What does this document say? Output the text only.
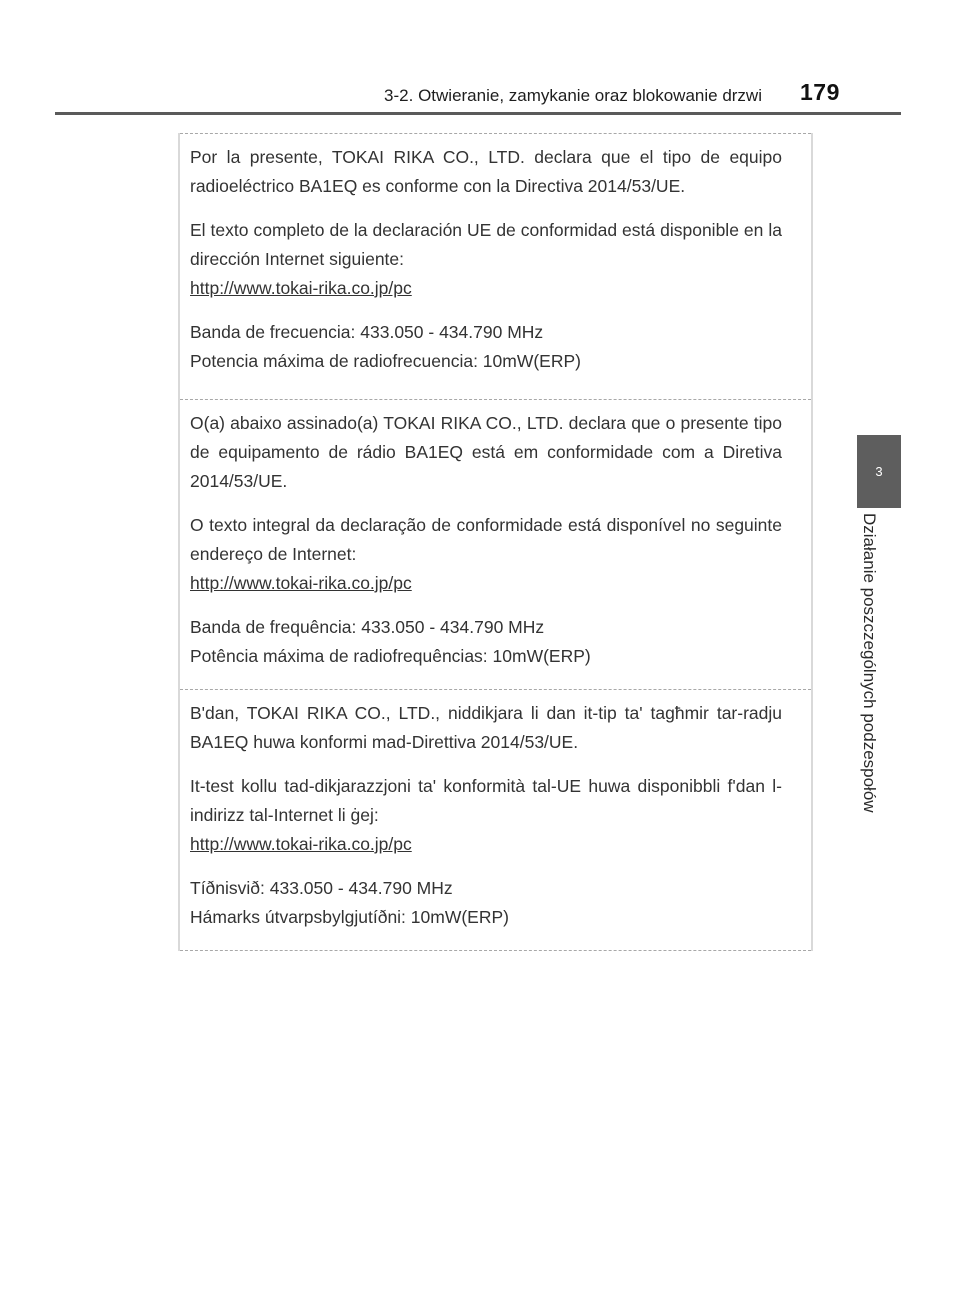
3-2. Otwieranie, zamykanie oraz blokowanie drzwi 179
3
Działanie poszczególnych podzespołów

Por la presente, TOKAI RIKA CO., LTD. declara que el tipo de equipo radioeléctrico BA1EQ es conforme con la Directiva 2014/53/UE.

El texto completo de la declaración UE de conformidad está disponible en la dirección Internet siguiente:

http://www.tokai-rika.co.jp/pc
Banda de frecuencia: 433.050 - 434.790 MHz
Potencia máxima de radiofrecuencia: 10mW(ERP)

O(a) abaixo assinado(a) TOKAI RIKA CO., LTD. declara que o presente tipo de equipamento de rádio BA1EQ está em conformidade com a Diretiva 2014/53/UE.

O texto integral da declaração de conformidade está disponível no seguinte endereço de Internet:

http://www.tokai-rika.co.jp/pc
Banda de frequência: 433.050 - 434.790 MHz
Potência máxima de radiofrequências: 10mW(ERP)

B'dan, TOKAI RIKA CO., LTD., niddikjara li dan it-tip ta' tagħmir tar-radju BA1EQ huwa konformi mad-Direttiva 2014/53/UE.

It-test kollu tad-dikjarazzjoni ta' konformità tal-UE huwa disponibbli f'dan l-indirizz tal-Internet li ġej:

http://www.tokai-rika.co.jp/pc
Tíðnisvið: 433.050 - 434.790 MHz
Hámarks útvarpsbylgjutíðni: 10mW(ERP)
